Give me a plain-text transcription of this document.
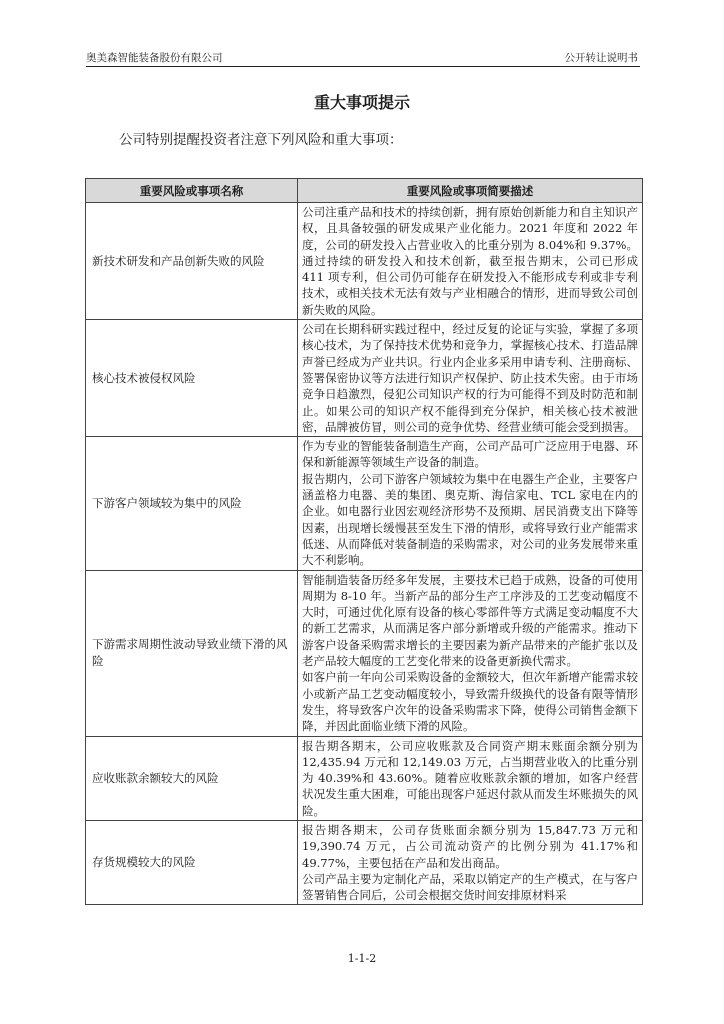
奥美森智能装备股份有限公司	公开转让说明书
重大事项提示
公司特别提醒投资者注意下列风险和重大事项：
重要风险或事项名称	重要风险或事项简要描述
新技术研发和产品创新失败的风险	公司注重产品和技术的持续创新，拥有原始创新能力和自主知识产权，且具备较强的研发成果产业化能力。2021 年度和 2022 年度，公司的研发投入占营业收入的比重分别为 8.04%和 9.37%。通过持续的研发投入和技术创新，截至报告期末，公司已形成 411 项专利，但公司仍可能存在研发投入不能形成专利或非专利技术，或相关技术无法有效与产业相融合的情形，进而导致公司创新失败的风险。

核心技术被侵权风险	公司在长期科研实践过程中，经过反复的论证与实验，掌握了多项核心技术，为了保持技术优势和竞争力，掌握核心技术、打造品牌声誉已经成为产业共识。行业内企业多采用申请专利、注册商标、签署保密协议等方法进行知识产权保护、防止技术失密。由于市场竞争日趋激烈，侵犯公司知识产权的行为可能得不到及时防范和制止。如果公司的知识产权不能得到充分保护，相关核心技术被泄密，品牌被仿冒，则公司的竞争优势、经营业绩可能会受到损害。

下游客户领域较为集中的风险	作为专业的智能装备制造生产商，公司产品可广泛应用于电器、环保和新能源等领域生产设备的制造。

报告期内，公司下游客户领域较为集中在电器生产企业，主要客户涵盖格力电器、美的集团、奥克斯、海信家电、TCL 家电在内的企业。如电器行业因宏观经济形势不及预期、居民消费支出下降等因素，出现增长缓慢甚至发生下滑的情形，或将导致行业产能需求低迷、从而降低对装备制造的采购需求，对公司的业务发展带来重大不利影响。

下游需求周期性波动导致业绩下滑的风险	智能制造装备历经多年发展，主要技术已趋于成熟，设备的可使用周期为 8-10 年。当新产品的部分生产工序涉及的工艺变动幅度不大时，可通过优化原有设备的核心零部件等方式满足变动幅度不大的新工艺需求，从而满足客户部分新增或升级的产能需求。推动下游客户设备采购需求增长的主要因素为新产品带来的产能扩张以及老产品较大幅度的工艺变化带来的设备更新换代需求。

如客户前一年向公司采购设备的金额较大，但次年新增产能需求较小或新产品工艺变动幅度较小，导致需升级换代的设备有限等情形发生，将导致客户次年的设备采购需求下降，使得公司销售金额下降，并因此面临业绩下滑的风险。

应收账款余额较大的风险	报告期各期末，公司应收账款及合同资产期末账面余额分别为 12,435.94 万元和 12,149.03 万元，占当期营业收入的比重分别为 40.39%和 43.60%。随着应收账款余额的增加，如客户经营状况发生重大困难，可能出现客户延迟付款从而发生坏账损失的风险。

存货规模较大的风险	报告期各期末，公司存货账面余额分别为 15,847.73 万元和 19,390.74 万元，占公司流动资产的比例分别为 41.17%和 49.77%，主要包括在产品和发出商品。

公司产品主要为定制化产品，采取以销定产的生产模式，在与客户签署销售合同后，公司会根据交货时间安排原材料采

1-1-2
